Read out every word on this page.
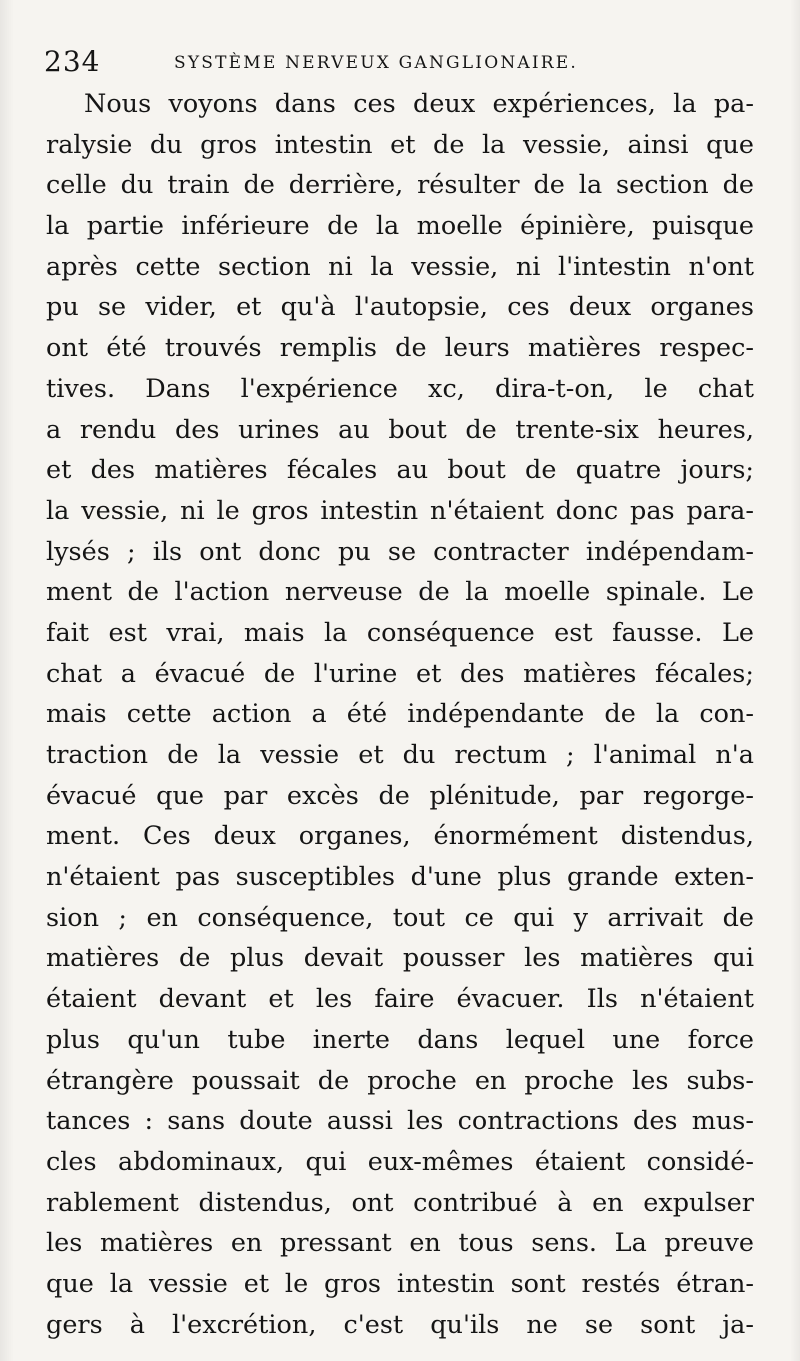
234	SYSTÈME NERVEUX GANGLIONAIRE.
Nous voyons dans ces deux expériences, la pa-
ralysie du gros intestin et de la vessie, ainsi que
celle du train de derrière, résulter de la section de
la partie inférieure de la moelle épinière, puisque
après cette section ni la vessie, ni l'intestin n'ont
pu se vider, et qu'à l'autopsie, ces deux organes
ont été trouvés remplis de leurs matières respec-
tives. Dans l'expérience xc, dira-t-on, le chat
a rendu des urines au bout de trente-six heures,
et des matières fécales au bout de quatre jours;
la vessie, ni le gros intestin n'étaient donc pas para-
lysés ; ils ont donc pu se contracter indépendam-
ment de l'action nerveuse de la moelle spinale. Le
fait est vrai, mais la conséquence est fausse. Le
chat a évacué de l'urine et des matières fécales;
mais cette action a été indépendante de la con-
traction de la vessie et du rectum ; l'animal n'a
évacué que par excès de plénitude, par regorge-
ment. Ces deux organes, énormément distendus,
n'étaient pas susceptibles d'une plus grande exten-
sion ; en conséquence, tout ce qui y arrivait de
matières de plus devait pousser les matières qui
étaient devant et les faire évacuer. Ils n'étaient
plus qu'un tube inerte dans lequel une force
étrangère poussait de proche en proche les subs-
tances : sans doute aussi les contractions des mus-
cles abdominaux, qui eux-mêmes étaient considé-
rablement distendus, ont contribué à en expulser
les matières en pressant en tous sens. La preuve
que la vessie et le gros intestin sont restés étran-
gers à l'excrétion, c'est qu'ils ne se sont ja-
